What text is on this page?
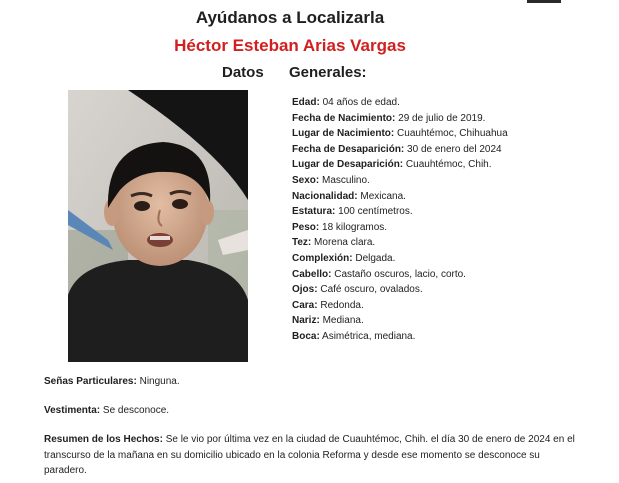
Ayúdanos a Localizarla
Héctor Esteban Arias Vargas
Datos Generales:
Edad: 04 años de edad.
Fecha de Nacimiento: 29 de julio de 2019.
Lugar de Nacimiento: Cuauhtémoc, Chihuahua
Fecha de Desaparición: 30 de enero del 2024
Lugar de Desaparición: Cuauhtémoc, Chih.
Sexo: Masculino.
Nacionalidad: Mexicana.
Estatura: 100 centímetros.
Peso: 18 kilogramos.
Tez: Morena clara.
Complexión: Delgada.
Cabello: Castaño oscuros, lacio, corto.
Ojos: Café oscuro, ovalados.
Cara: Redonda.
Nariz: Mediana.
Boca: Asimétrica, mediana.
Señas Particulares: Ninguna.
Vestimenta: Se desconoce.
Resumen de los Hechos: Se le vio por última vez en la ciudad de Cuauhtémoc, Chih. el día 30 de enero de 2024 en el transcurso de la mañana en su domicilio ubicado en la colonia Reforma y desde ese momento se desconoce su paradero.
